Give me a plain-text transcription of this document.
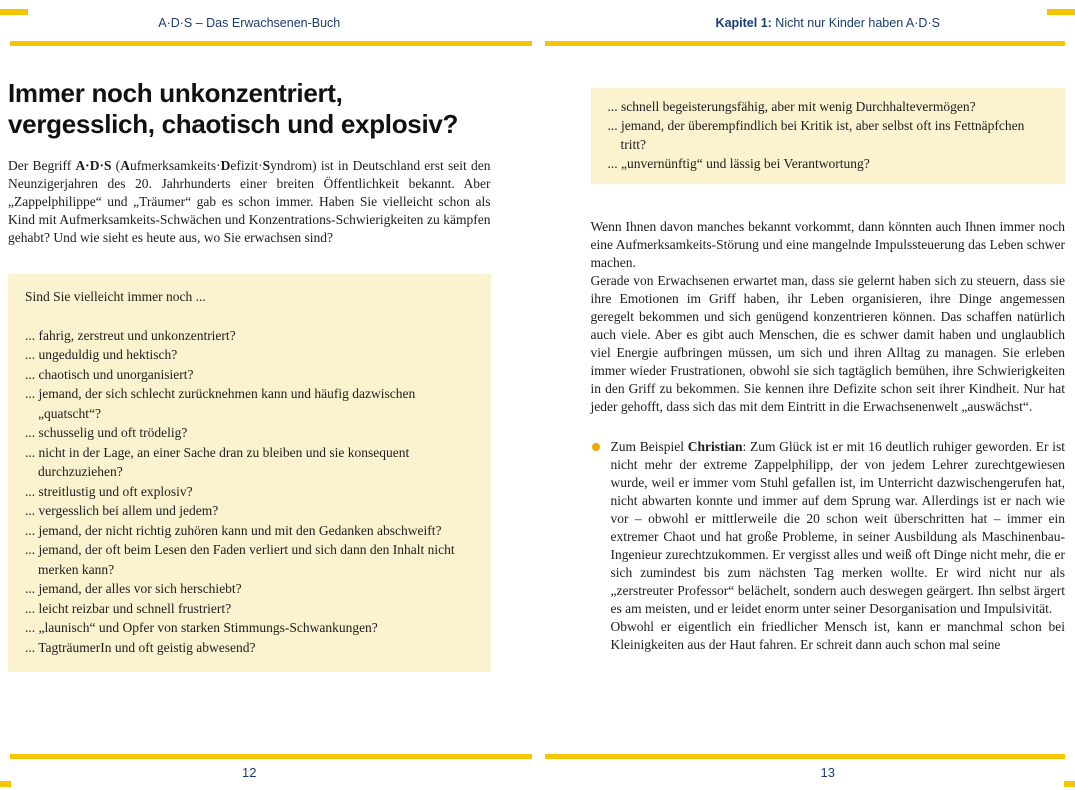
A·D·S – Das Erwachsenen-Buch
Immer noch unkonzentriert,
vergesslich, chaotisch und explosiv?

Der Begriff A·D·S (Aufmerksamkeits·Defizit·Syndrom) ist in Deutschland erst seit den Neunzigerjahren des 20. Jahrhunderts einer breiten Öffentlichkeit bekannt. Aber „Zappelphilippe“ und „Träumer“ gab es schon immer. Haben Sie vielleicht schon als Kind mit Aufmerksamkeits-Schwächen und Konzentrations-Schwierigkeiten zu kämpfen gehabt? Und wie sieht es heute aus, wo Sie erwachsen sind?

Sind Sie vielleicht immer noch ...

... fahrig, zerstreut und unkonzentriert?
... ungeduldig und hektisch?
... chaotisch und unorganisiert?
... jemand, der sich schlecht zurücknehmen kann und häufig dazwischen „quatscht“?
... schusselig und oft trödelig?
... nicht in der Lage, an einer Sache dran zu bleiben und sie konsequent durchzuziehen?
... streitlustig und oft explosiv?
... vergesslich bei allem und jedem?
... jemand, der nicht richtig zuhören kann und mit den Gedanken abschweift?
... jemand, der oft beim Lesen den Faden verliert und sich dann den Inhalt nicht merken kann?
... jemand, der alles vor sich herschiebt?
... leicht reizbar und schnell frustriert?
... „launisch“ und Opfer von starken Stimmungs-Schwankungen?
... TagträumerIn und oft geistig abwesend?
12
Kapitel 1: Nicht nur Kinder haben A·D·S
... schnell begeisterungsfähig, aber mit wenig Durchhaltevermögen?
... jemand, der überempfindlich bei Kritik ist, aber selbst oft ins Fettnäpfchen tritt?
... „unvernünftig“ und lässig bei Verantwortung?

Wenn Ihnen davon manches bekannt vorkommt, dann könnten auch Ihnen immer noch eine Aufmerksamkeits-Störung und eine mangelnde Impulssteuerung das Leben schwer machen.

Gerade von Erwachsenen erwartet man, dass sie gelernt haben sich zu steuern, dass sie ihre Emotionen im Griff haben, ihr Leben organisieren, ihre Dinge angemessen geregelt bekommen und sich genügend konzentrieren können. Das schaffen natürlich auch viele. Aber es gibt auch Menschen, die es schwer damit haben und unglaublich viel Energie aufbringen müssen, um sich und ihren Alltag zu managen. Sie erleben immer wieder Frustrationen, obwohl sie sich tagtäglich bemühen, ihre Schwierigkeiten in den Griff zu bekommen. Sie kennen ihre Defizite schon seit ihrer Kindheit. Nur hat jeder gehofft, dass sich das mit dem Eintritt in die Erwachsenenwelt „auswächst“.

Zum Beispiel Christian: Zum Glück ist er mit 16 deutlich ruhiger geworden. Er ist nicht mehr der extreme Zappelphilipp, der von jedem Lehrer zurechtgewiesen wurde, weil er immer vom Stuhl gefallen ist, im Unterricht dazwischengerufen hat, nicht abwarten konnte und immer auf dem Sprung war. Allerdings ist er nach wie vor – obwohl er mittlerweile die 20 schon weit überschritten hat – immer ein extremer Chaot und hat große Probleme, in seiner Ausbildung als Maschinenbau-Ingenieur zurechtzukommen. Er vergisst alles und weiß oft Dinge nicht mehr, die er sich zumindest bis zum nächsten Tag merken wollte. Er wird nicht nur als „zerstreuter Professor“ belächelt, sondern auch deswegen geärgert. Ihn selbst ärgert es am meisten, und er leidet enorm unter seiner Desorganisation und Impulsivität.

Obwohl er eigentlich ein friedlicher Mensch ist, kann er manchmal schon bei Kleinigkeiten aus der Haut fahren. Er schreit dann auch schon mal seine

13
